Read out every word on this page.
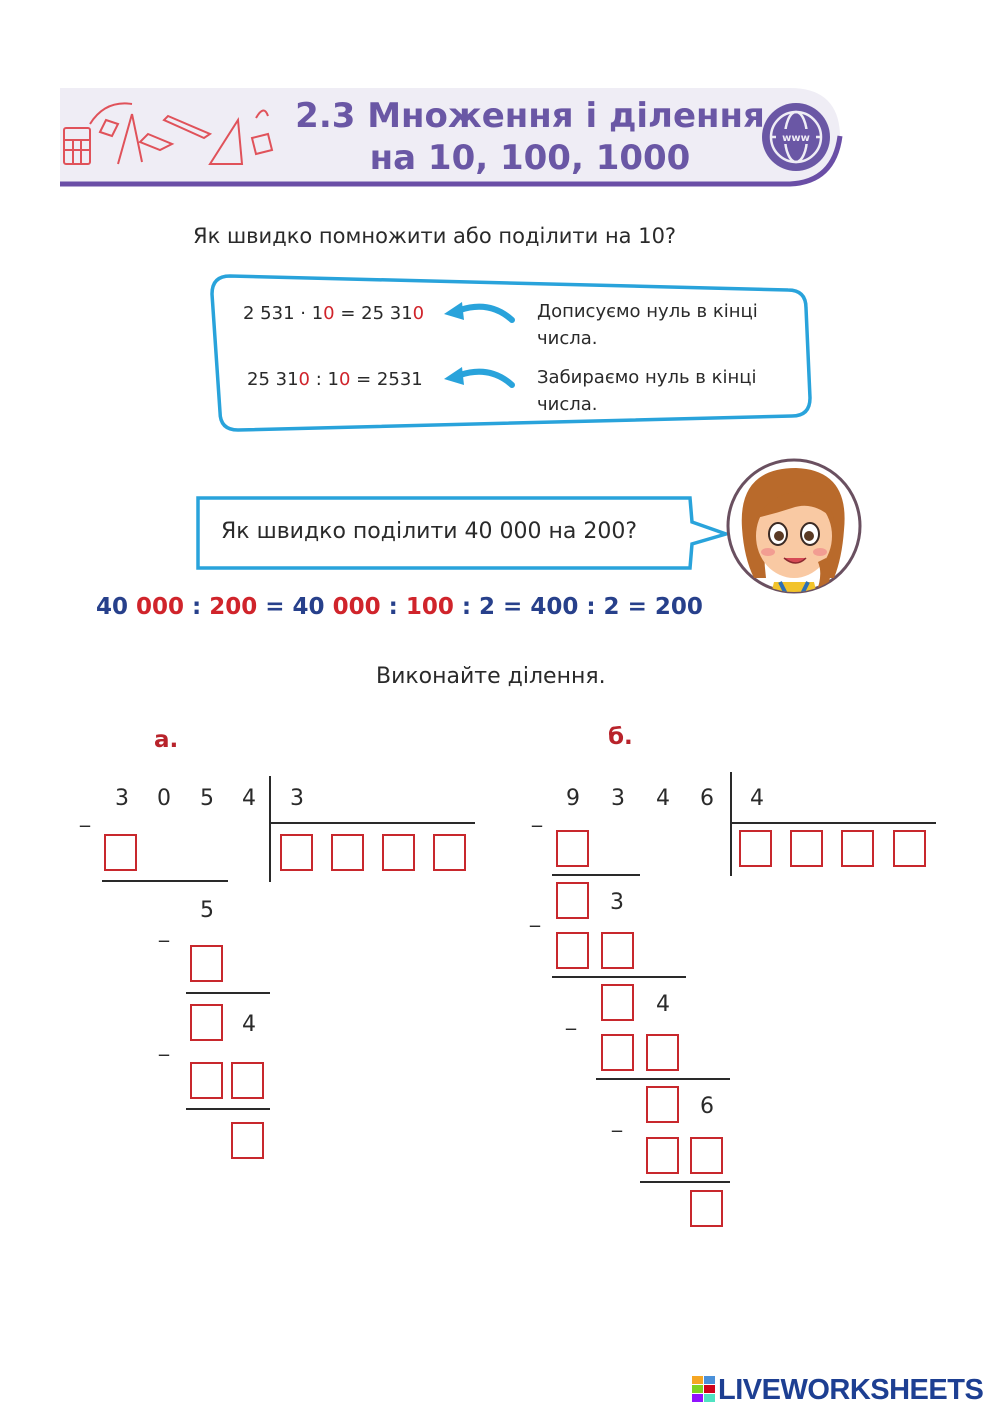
2.3 Множення і ділення
на 10, 100, 1000	www
Як швидко помножити або поділити на 10?
2 531 · 10 = 25 310	Дописуємо нуль в кінці числа.
25 310 : 10 = 2531	Забираємо нуль в кінці числа.
Як швидко поділити 40 000 на 200?
40 000 : 200 = 40 000 : 100 : 2 = 400 : 2 = 200
Виконайте ділення.
а.
_
3	0	5	4	3
_
5
_
4
б.
_
9	3	4	6	4
_	3
_
4
_
6
LIVEWORKSHEETS
